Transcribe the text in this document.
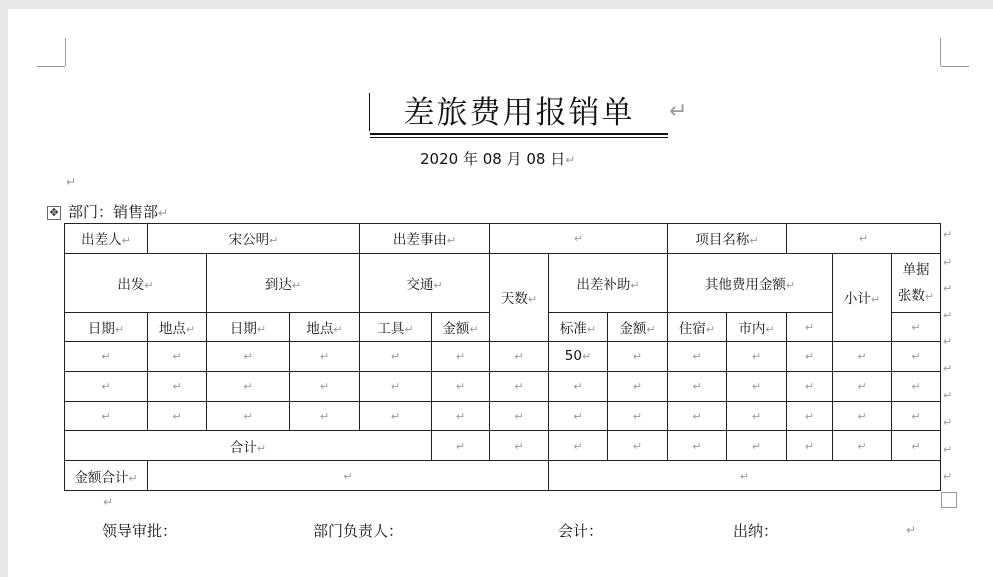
差旅费用报销单	↵
2020 年 08 月 08 日↵
↵
✥ 部门：销售部↵
出差人↵	宋公明↵			出差事由↵		↵			项目名称↵		↵		
出发↵		到达↵		交通↵		天数↵	出差补助↵		其他费用金额↵			小计↵	单据
张数↵
日期↵	地点↵	日期↵	地点↵	工具↵	金额↵		标准↵	金额↵	住宿↵	市内↵	↵		↵
↵	↵	↵	↵	↵	↵	↵	50↵	↵	↵	↵	↵	↵	↵
↵	↵	↵	↵	↵	↵	↵	↵	↵	↵	↵	↵	↵	↵
↵	↵	↵	↵	↵	↵	↵	↵	↵	↵	↵	↵	↵	↵
合计↵					↵	↵	↵	↵	↵	↵	↵	↵	↵
金额合计↵	↵						↵						
↵
↵
↵
↵
↵
↵
↵
↵
↵
↵
↵
领导审批：	部门负责人：	会计：	出纳：	↵
